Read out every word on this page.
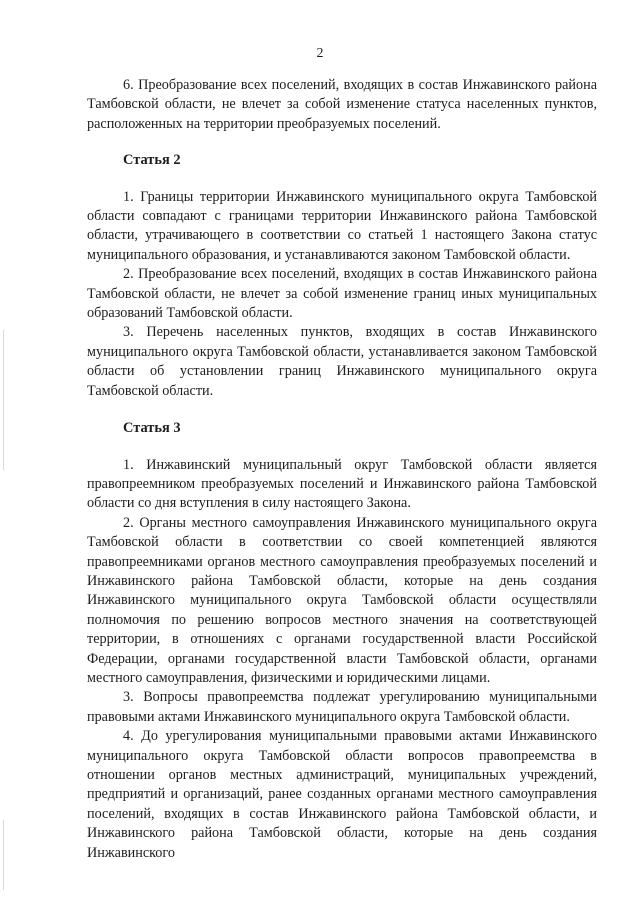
2

6. Преобразование всех поселений, входящих в состав Инжавинского района Тамбовской области, не влечет за собой изменение статуса населенных пунктов, расположенных на территории преобразуемых поселений.

Статья 2

1. Границы территории Инжавинского муниципального округа Тамбовской области совпадают с границами территории Инжавинского района Тамбовской области, утрачивающего в соответствии со статьей 1 настоящего Закона статус муниципального образования, и устанавливаются законом Тамбовской области.

2. Преобразование всех поселений, входящих в состав Инжавинского района Тамбовской области, не влечет за собой изменение границ иных муниципальных образований Тамбовской области.

3. Перечень населенных пунктов, входящих в состав Инжавинского муниципального округа Тамбовской области, устанавливается законом Тамбовской области об установлении границ Инжавинского муниципального округа Тамбовской области.

Статья 3

1. Инжавинский муниципальный округ Тамбовской области является правопреемником преобразуемых поселений и Инжавинского района Тамбовской области со дня вступления в силу настоящего Закона.

2. Органы местного самоуправления Инжавинского муниципального округа Тамбовской области в соответствии со своей компетенцией являются правопреемниками органов местного самоуправления преобразуемых поселений и Инжавинского района Тамбовской области, которые на день создания Инжавинского муниципального округа Тамбовской области осуществляли полномочия по решению вопросов местного значения на соответствующей территории, в отношениях с органами государственной власти Российской Федерации, органами государственной власти Тамбовской области, органами местного самоуправления, физическими и юридическими лицами.

3. Вопросы правопреемства подлежат урегулированию муниципальными правовыми актами Инжавинского муниципального округа Тамбовской области.

4. До урегулирования муниципальными правовыми актами Инжавинского муниципального округа Тамбовской области вопросов правопреемства в отношении органов местных администраций, муниципальных учреждений, предприятий и организаций, ранее созданных органами местного самоуправления поселений, входящих в состав Инжавинского района Тамбовской области, и Инжавинского района Тамбовской области, которые на день создания Инжавинского
